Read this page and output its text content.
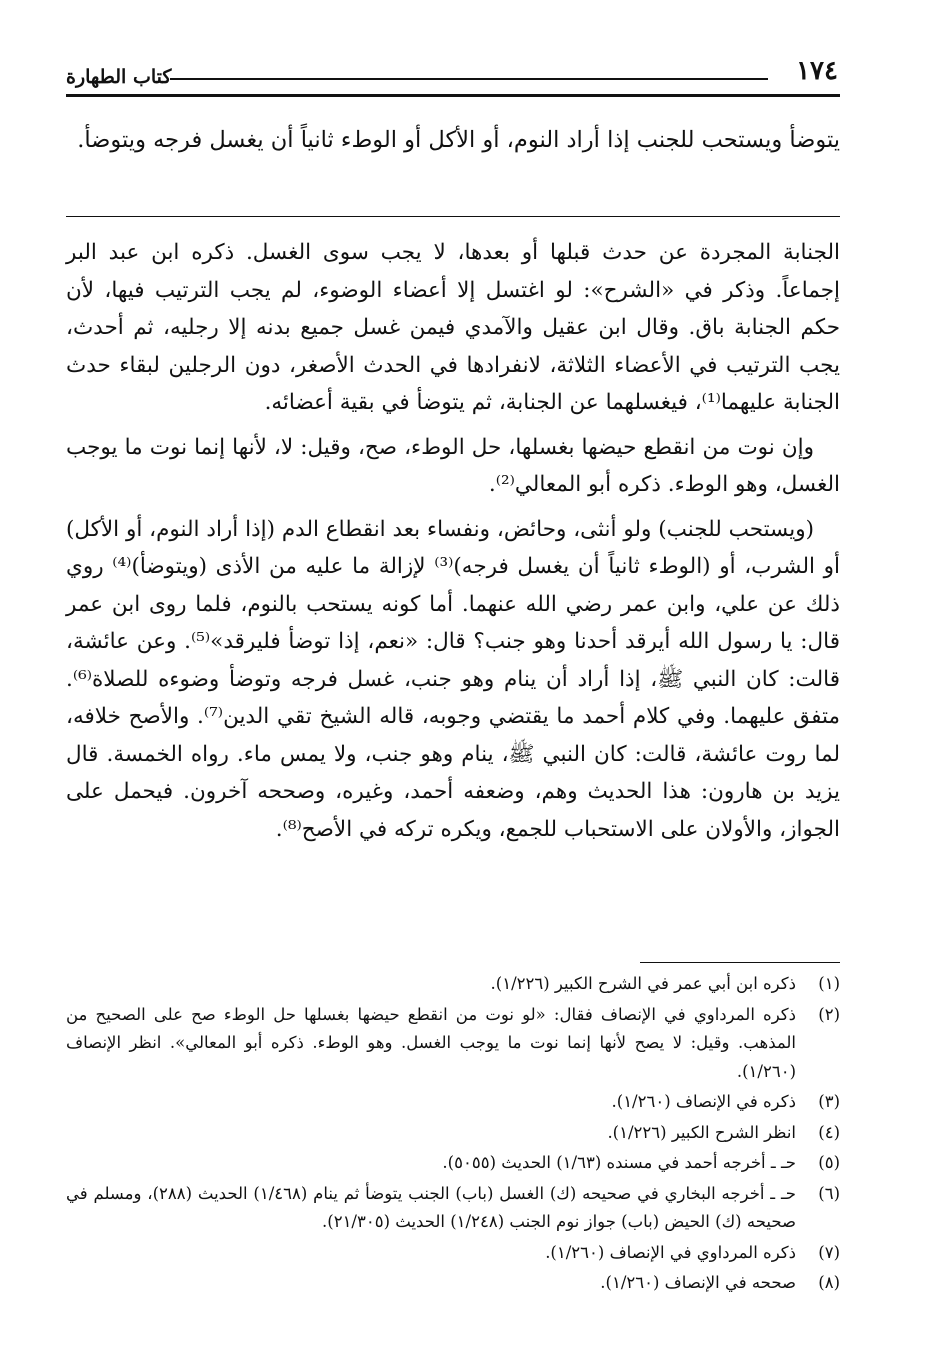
١٧٤
كتاب الطهارة

يتوضأ ويستحب للجنب إذا أراد النوم، أو الأكل أو الوطء ثانياً أن يغسل فرجه ويتوضأ.

الجنابة المجردة عن حدث قبلها أو بعدها، لا يجب سوى الغسل. ذكره ابن عبد البر إجماعاً. وذكر في «الشرح»: لو اغتسل إلا أعضاء الوضوء، لم يجب الترتيب فيها، لأن حكم الجنابة باق. وقال ابن عقيل والآمدي فيمن غسل جميع بدنه إلا رجليه، ثم أحدث، يجب الترتيب في الأعضاء الثلاثة، لانفرادها في الحدث الأصغر، دون الرجلين لبقاء حدث الجنابة عليهما⁽¹⁾، فيغسلهما عن الجنابة، ثم يتوضأ في بقية أعضائه.

وإن نوت من انقطع حيضها بغسلها، حل الوطء، صح، وقيل: لا، لأنها إنما نوت ما يوجب الغسل، وهو الوطء. ذكره أبو المعالي⁽²⁾.

(ويستحب للجنب) ولو أنثى، وحائض، ونفساء بعد انقطاع الدم (إذا أراد النوم، أو الأكل) أو الشرب، أو (الوطء ثانياً أن يغسل فرجه)⁽³⁾ لإزالة ما عليه من الأذى (ويتوضأ)⁽⁴⁾ روي ذلك عن علي، وابن عمر رضي الله عنهما. أما كونه يستحب بالنوم، فلما روى ابن عمر قال: يا رسول الله أيرقد أحدنا وهو جنب؟ قال: «نعم، إذا توضأ فليرقد»⁽⁵⁾. وعن عائشة، قالت: كان النبي ﷺ، إذا أراد أن ينام وهو جنب، غسل فرجه وتوضأ وضوءه للصلاة⁽⁶⁾. متفق عليهما. وفي كلام أحمد ما يقتضي وجوبه، قاله الشيخ تقي الدين⁽⁷⁾. والأصح خلافه، لما روت عائشة، قالت: كان النبي ﷺ، ينام وهو جنب، ولا يمس ماء. رواه الخمسة. قال يزيد بن هارون: هذا الحديث وهم، وضعفه أحمد، وغيره، وصححه آخرون. فيحمل على الجواز، والأولان على الاستحباب للجمع، ويكره تركه في الأصح⁽⁸⁾.

(١)
ذكره ابن أبي عمر في الشرح الكبير (١/٢٢٦).
(٢)
ذكره المرداوي في الإنصاف فقال: «لو نوت من انقطع حيضها بغسلها حل الوطء صح على الصحيح من المذهب. وقيل: لا يصح لأنها إنما نوت ما يوجب الغسل. وهو الوطء. ذكره أبو المعالي». انظر الإنصاف (١/٢٦٠).
(٣)
ذكره في الإنصاف (١/٢٦٠).
(٤)
انظر الشرح الكبير (١/٢٢٦).
(٥)
حـ ـ أخرجه أحمد في مسنده (١/٦٣) الحديث (٥٠٥٥).
(٦)
حـ ـ أخرجه البخاري في صحيحه (ك) الغسل (باب) الجنب يتوضأ ثم ينام (١/٤٦٨) الحديث (٢٨٨)، ومسلم في صحيحه (ك) الحيض (باب) جواز نوم الجنب (١/٢٤٨) الحديث (٢١/٣٠٥).
(٧)
ذكره المرداوي في الإنصاف (١/٢٦٠).
(٨)
صححه في الإنصاف (١/٢٦٠).
